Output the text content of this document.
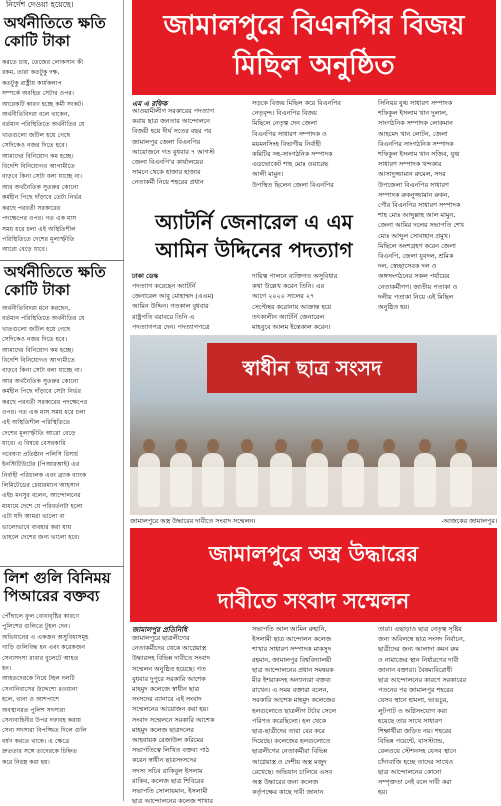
নির্দেশ দেওয়া হয়েছে।
অর্থনীতিতে ক্ষতি
কোটি টাকা
করতে চায়, তেজের লোকসান কী
রকম, তারা কতটুকু দক্ষ,
কতটুকু রাষ্ট্রীয় কার্যকলাপ
সম্পর্কে অবহিত সেটার ওপর।
আরেকটি কারণ হচ্ছে কর্মী সংকট।
অর্থনীতিবিদরা বলে থাকেন,
বর্তমান পরিস্থিতিতে অর্থনীতির যে
খাতগুলো জটিল হয়ে গেছে
সেদিকেও নজর দিতে হবে।
আমাদের বিনিয়োগ কম হচ্ছে।
বিদেশি বিনিয়োগও আগামীতে
বাড়বে কিনা সেটা বলা যাচ্ছে না।
আর অর্থনৈতিক সুতরুর কোনো
কর্মহীন পিছে দাঁড়াবে তেটা নির্ভর
করছে পরবর্তী সরকারের
পদক্ষেপের ওপর। গত এক মাস
সময় ধরে চলা এই অস্থিতিশীল
পরিস্থিতিতে দেশের মূল্যস্ফীতি
আরো বেড়ে যাবে।
অর্থনীতিতে ক্ষতি
কোটি টাকা
অর্থনীতিবিদরা মনে করছেন,
বর্তমান পরিস্থিতিতে অর্থনীতির যে
খাতগুলো জটিল হয়ে গেছে
সেদিকেও নজর দিতে হবে।
আমাদের বিনিয়োগ কম হচ্ছে।
বিদেশি বিনিয়োগও আগামীতে
বাড়বে কিনা সেটা বলা যাচ্ছে না।
আর অর্থনৈতিক সুতরুর কোনো
কর্মহীন পিছে দাঁড়াবে সেটা নির্ভর
করছে পরবর্তী সরকারের পদক্ষেপের
ওপর। গত এক মাস সময় ধরে চলা
এই অস্থিতিশীল পরিস্থিতিতে
দেশের মূল্যস্ফীতি আরো বেড়ে
যাবে। এ বিষয়ে বেসরকারি
গবেষণা প্রতিষ্ঠান পলিসি রিসার্চ
ইনস্টিটিউটের (পিআরআই) এর
নির্বাহী পরিচালক এবং ব্র্যাক ব্যাংক
লিমিটেডের চেয়ারম্যান আহসান
এইচ মনসুর বলেন, আন্দোলনের
মাধ্যমে দেশে যে পরিবর্তনটা হলো
এটা যদি আমরা ভালো বা
ভালোভাবে ব্যবহার করা যায়
তাহলে দেশের জন্য ভালো হবে।
লিশ গুলি বিনিময়
পিআরের বক্তব্য
পৌঁছালে ফুল বোবাবৃষ্টির কারণে
পুলিশের গুলিতে টুহল দেন।
অভিযানের এ একজন অসুবিধাসমূহ
গাড়ি গুলিবিদ্ধ হন এবং করেকজন
সেনাসদস্য রাবার বুলেটে আহত
হন।
আহতদেরকে নিয়ে টহল দলটি
সেনানিবাসের উদ্দেশ্যে রওয়ানা
হলে, থানা ও আশপাশে
অবস্থানরত পুলিশ সদস্যরা
সেনাবাহিনীর উপর দফাবহ করায়
সেনা সদস্যরা বিপজ্জিত দিলে গুলি
বর্ষণ করতে থাকে। এ ক্ষেত্রে
দ্রুততার সঙ্গে তাদেরকে চিহ্নিত
করে নিরস্ত্র করা হয়।
জামালপুরে বিএনপির বিজয়
মিছিল অনুষ্ঠিত
এম এ রফিক
আওয়ামীলীগ সরকারের পদত্যাগ
করায় ছাত্র জনতার আন্দোলনে
বিজয়ী হয়ে দীর্ঘ সতের বছর পর
জামালপুর জেলা বিএনপির
আয়োজনে গত বুধবার ৭ আগস্ট
জেলা বিএনপি'র কার্যালয়ের
সামনে থেকে হাজার হাজার
নেতাকর্মী নিয়ে শহরের প্রধান
সড়কে বিজয় মিছিল করে বিএনপির
নেতৃবৃন্দ। বিএনপির বিজয়
মিছিলে নেতৃত্ব দেন জেলা
বিএনপির সাধারণ সম্পাদক ও
ময়মনসিংহ বিভাগীয় নির্বাহী
কমিটির সহ-সাংগঠনিক সম্পাদক
এডভোকেট শাহ মোঃ ওয়ারেছ
আলী মামুন।
উপস্থিত ছিলেন জেলা বিএনপির
সিনিয়র যুগ্ম সাধারণ সম্পাদক
শফিকুল ইসলাম খান দুলাল,
সাংগঠনিক সম্পাদক লোকমান
আহমেদ খান লোটন, জেলা
বিএনপির সাংগঠনিক সম্পাদক
শফিকুল ইসলাম খান সজিব, যুগ্ম
সাধারণ সম্পাদক খন্দকার
আসাদুজ্জামান রুমেল, সদর
উপজেলা বিএনপির সাধারণ
সম্পাদক রুকনুজ্জামান রুকন,
পৌর বিএনপির সাধারণ সম্পাদক
শাহ মোঃ আব্দুল্লাহ আল মামুন,
জেলা আমির দলের সভাপতি শেখ
মোঃ আব্দুল সোবাহান প্রমুখ।
মিছিলে অংশগ্রহণ করেন জেলা
বিএনপি, জেলা যুবদল, শ্রমিক
দল, স্বেচ্ছাসেবক দল ও
অঙ্গসংগঠনের সকল পর্যায়ের
নেতাকর্মীগণ। জাতীয় পতাকা ও
দলীয় পতাকা নিয়ে এই মিছিল
অনুষ্ঠিত হয়।
অ্যাটর্নি জেনারেল এ এম
আমিন উদ্দিনের পদত্যাগ
ঢাকা ডেস্ক
পদত্যাগ করেছেন অ্যাটর্নি
জেনারেল আবু মোহাম্মদ (এএম)
আমিন উদ্দিন। গতকাল বুধবার
রাষ্ট্রপতি বরাবরে তিনি এ
পদত্যাগপত্র দেন। পদত্যাগপত্রে
দায়িত্ব পালনে ব্যক্তিগত অসুবিধার
কথা উল্লেখ করেন তিনি। এর
আগে ২০২০ সালের ২৭
সেপ্টেম্বর করোনায় আক্রান্ত হয়ে
তৎকালীন অ্যাটর্নি জেনারেল
মাহবুবে আলম ইন্তেকাল করেন।
স্বাধীন ছাত্র সংসদ
জামালপুরে অস্ত্র উদ্ধারের দাবীতে সংবাদ সম্মেলন।	-আজকের জামালপুর।
জামালপুরে অস্ত্র উদ্ধারের
দাবীতে সংবাদ সম্মেলন
জামালপুর প্রতিনিধি
জামালপুরে ছাত্রলীগের
নেতাকর্মীদের থেকে আগ্নেয়াস্ত্র
উদ্ধারসহ বিভিন্ন দাবীতে সংবাদ
সম্মেলন অনুষ্ঠিত হয়েছে। গত
বুধবার দুপুরে সরকারি আশেক
মাহমুদ কলেজে স্বাধীন ছাত্র
সংসদের ব্যানারে এই সংবাদ
সম্মেলনের আয়োজন করা হয়।
সংবাদ সম্মেলনে সরকারি আশেক
মাহমুদ কলেজ ছাত্রদলের
আহবায়ক রেজাউল করিমের
সভাপতিত্বে লিখিত বক্তব্য পাঠ
করেন স্বাধীন ছাত্রসংসদের
সদস্য সচিব রাকিবুল ইসলাম
রাকিব, কলেজ ছাত্র শিবিরের
সভাপতি সোলায়মান, ইসলামী
ছাত্র আন্দোলনের কলেজ শাখার
সভাপতি আল আমিন রুহানি,
ইসলামী ছাত্র আন্দোলন কলেজ
শাখার সাধারণ সম্পাদক মাকসুদ
রহমান, জামালপুর বিশ্ববিদ্যালয়ী
ছাত্র আন্দোলনের প্রধান সমন্বয়ক
মীর ইশরাকসহ অন্যান্যরা বক্তব্য
রাখেন। এ সময় বক্তারা বলেন,
সরকারি আশেক মাহমুদ কলেজের
হলগুলোতে ছাত্রলীগ টর্চার সেলে
পরিণত করেছিলো। হল থেকে
ছাত্র-ছাত্রীদের তারা বের করে
দিয়েছে। কলেজের হলগুলোতে
ছাত্রলীগের নেতাকর্মীরা বিভিন্ন
আগ্নেয়াস্ত্র ও দেশীয় অস্ত্র মজুদ
রেখেছে। অভিযান চালিয়ে এসব
অস্ত্র উদ্ধারের জন্য কলেজ
কর্তৃপক্ষের কাছে দাবী জানান
তারা। এছাড়াও ছাত্র নেতৃত্ব সৃষ্টির
জন্য অবিলম্বে ছাত্র সংসদ নির্বাচন,
ছাত্রীদের জন্য আলাদা কমন রুম
ও নামাজের স্থান নির্ধারণের দাবী
জানান বক্তারা। বৈষম্যবিরোধী
ছাত্র আন্দোলনের কারণে সরকারের
পতনের পর জামালপুর শহরের
যেসব স্থানে হামলা, ভাঙচুর,
লুটপাট ও অগ্নিসংযোগ করা
হয়েছে তার সাথে সাধারণ
শিক্ষার্থীরা জড়িত নয়। শহরের
বিভিন্ন পয়েন্টে, বাসস্ট্যান্ড,
রেলওয়ে স্টেশনসহ যেসব স্থানে
চাঁদাবাজি হচ্ছে তাদের সাথেও
ছাত্র আন্দোলনের কোনো
সম্পৃক্ততা নেই বলে দাবী করা
হয়।
